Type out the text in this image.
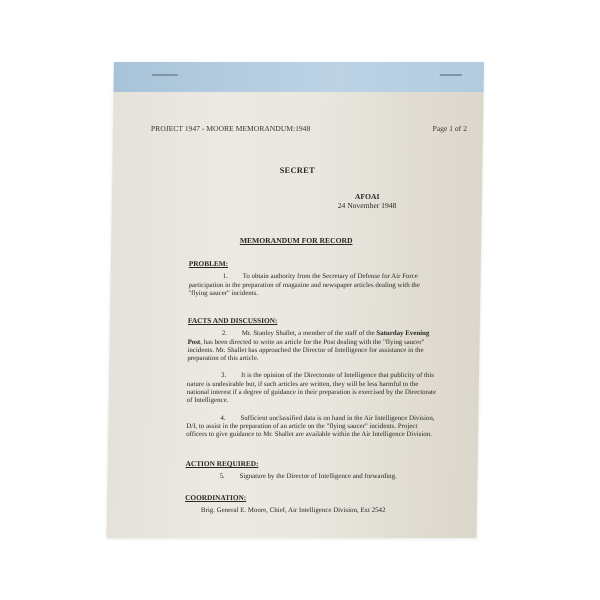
PROJECT 1947 - MOORE MEMORANDUM:1948	Page 1 of 2
SECRET
AFOAI
24 November 1948
MEMORANDUM FOR RECORD
PROBLEM:

1. To obtain authority from the Secretary of Defense for Air Force participation in the preparation of magazine and newspaper articles dealing with the "flying saucer" incidents.

FACTS AND DISCUSSION:

2. Mr. Stanley Shallet, a member of the staff of the Saturday Evening Post, has been directed to write an article for the Post dealing with the "flying saucer" incidents. Mr. Shallet has approached the Director of Intelligence for assistance in the preparation of this article.

3. It is the opinion of the Directorate of Intelligence that publicity of this nature is undesirable but, if such articles are written, they will be less harmful to the national interest if a degree of guidance in their preparation is exercised by the Directorate of Intelligence.

4. Sufficient unclassified data is on hand in the Air Intelligence Division, D/I, to assist in the preparation of an article on the "flying saucer" incidents. Project officers to give guidance to Mr. Shallet are available within the Air Intelligence Division.

ACTION REQUIRED:

5. Signature by the Director of Intelligence and forwarding.

COORDINATION:
Brig. General E. Moore, Chief, Air Intelligence Division, Ext 2542
